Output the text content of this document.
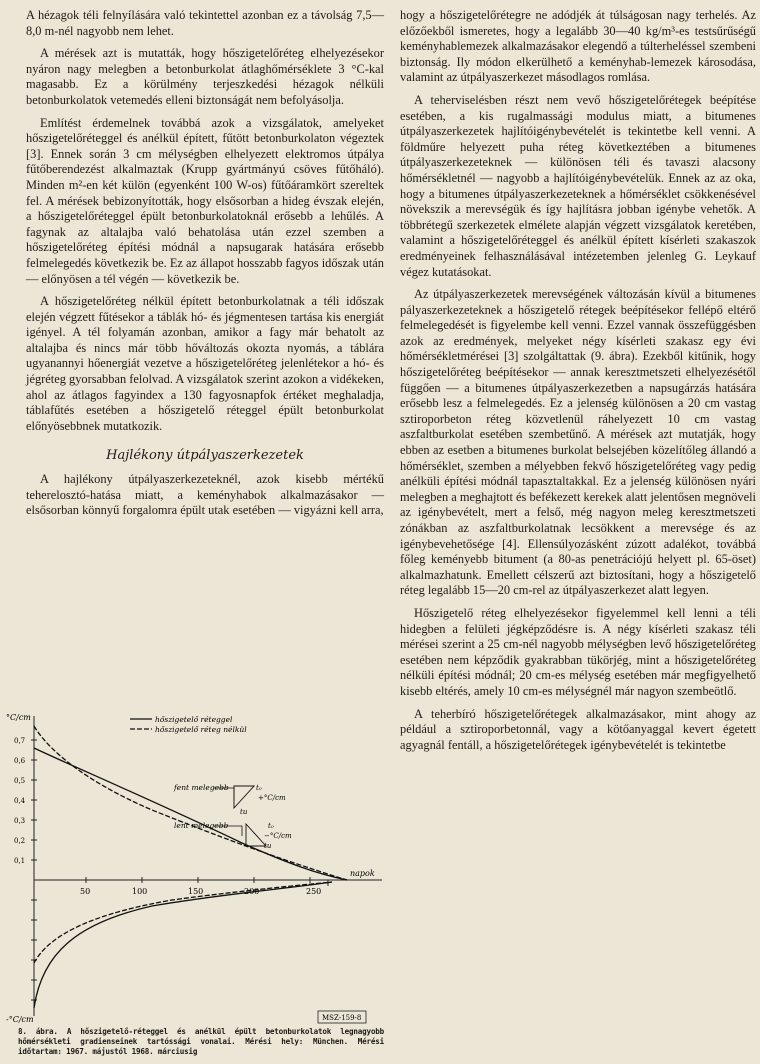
A hézagok téli felnyílására való tekintettel azonban ez a távolság 7,5—8,0 m-nél nagyobb nem lehet.

A mérések azt is mutatták, hogy hőszigetelőréteg elhelyezésekor nyáron nagy melegben a betonburkolat átlaghőmérséklete 3 °C-kal magasabb. Ez a körülmény terjeszkedési hézagok nélküli betonburkolatok vetemedés elleni biztonságát nem befolyásolja.

Említést érdemelnek továbbá azok a vizsgálatok, amelyeket hőszigetelőréteggel és anélkül épített, fűtött betonburkolaton végeztek [3]. Ennek során 3 cm mélységben elhelyezett elektromos útpálya fűtőberendezést alkalmaztak (Krupp gyártmányú csöves fűtőháló). Minden m²-en két külön (egyenként 100 W-os) fűtőáramkört szereltek fel. A mérések bebizonyították, hogy elsősorban a hideg évszak elején, a hőszigetelőréteggel épült betonburkolatoknál erősebb a lehűlés. A fagynak az altalajba való behatolása után ezzel szemben a hőszigetelőréteg építési módnál a napsugarak hatására erősebb felmelegedés következik be. Ez az állapot hosszabb fagyos időszak után — előnyösen a tél végén — következik be.

A hőszigetelőréteg nélkül épített betonburkolatnak a téli időszak elején végzett fűtésekor a táblák hó- és jégmentesen tartása kis energiát igényel. A tél folyamán azonban, amikor a fagy már behatolt az altalajba és nincs már több hőváltozás okozta nyomás, a táblára ugyanannyi hőenergiát vezetve a hőszigetelőréteg jelenlétekor a hó- és jégréteg gyorsabban felolvad. A vizsgálatok szerint azokon a vidékeken, ahol az átlagos fagyindex a 130 fagyosnapfok értéket meghaladja, táblafűtés esetében a hőszigetelő réteggel épült betonburkolat előnyösebbnek mutatkozik.

Hajlékony útpályaszerkezetek

A hajlékony útpályaszerkezeteknél, azok kisebb mértékű teherelosztó-hatása miatt, a keményhabok alkalmazásakor — elsősorban könnyű forgalomra épült utak esetében — vigyázni kell arra,

°C/cm
-°C/cm
0,7
0,6
0,5
0,4
0,3
0,2
0,1
50	100	150	200	250
napok
hőszigetelő réteggel
hőszigetelő réteg nélkül
fent melegebb	t₀
+°C/cm
tu
lent melegebb	t₀
−°C/cm
tu
MSZ-159-8
8. ábra. A hőszigetelő-réteggel és anélkül épült betonburkolatok legnagyobb hőmérsékleti gradienseinek tartóssági vonalai. Mérési hely: München. Mérési időtartam: 1967. májustól 1968. márciusig

hogy a hőszigetelőrétegre ne adódjék át túlságosan nagy terhelés. Az előzőekből ismeretes, hogy a legalább 30—40 kg/m³-es testsűrűségű keményhablemezek alkalmazásakor elegendő a túlterheléssel szembeni biztonság. Ily módon elkerülhető a keményhab-lemezek károsodása, valamint az útpályaszerkezet másodlagos romlása.

A teherviselésben részt nem vevő hőszigetelőrétegek beépítése esetében, a kis rugalmassági modulus miatt, a bitumenes útpályaszerkezetek hajlítóigénybevételét is tekintetbe kell venni. A földműre helyezett puha réteg következtében a bitumenes útpályaszerkezeteknek — különösen téli és tavaszi alacsony hőmérsékletnél — nagyobb a hajlítóigénybevételük. Ennek az az oka, hogy a bitumenes útpályaszerkezeteknek a hőmérséklet csökkenésével növekszik a merevségük és így hajlításra jobban igénybe vehetők. A többrétegű szerkezetek elmélete alapján végzett vizsgálatok keretében, valamint a hőszigetelőréteggel és anélkül épített kísérleti szakaszok eredményeinek felhasználásával intézetemben jelenleg G. Leykauf végez kutatásokat.

Az útpályaszerkezetek merevségének változásán kívül a bitumenes pályaszerkezeteknek a hőszigetelő rétegek beépítésekor fellépő eltérő felmelegedését is figyelembe kell venni. Ezzel vannak összefüggésben azok az eredmények, melyeket négy kísérleti szakasz egy évi hőmérsékletmérései [3] szolgáltattak (9. ábra). Ezekből kitűnik, hogy hőszigetelőréteg beépítésekor — annak keresztmetszeti elhelyezésétől függően — a bitumenes útpályaszerkezetben a napsugárzás hatására erősebb lesz a felmelegedés. Ez a jelenség különösen a 20 cm vastag sztiroporbeton réteg közvetlenül ráhelyezett 10 cm vastag aszfaltburkolat esetében szembetűnő. A mérések azt mutatják, hogy ebben az esetben a bitumenes burkolat belsejében közelítőleg állandó a hőmérséklet, szemben a mélyebben fekvő hőszigetelőréteg vagy pedig anélküli építési módnál tapasztaltakkal. Ez a jelenség különösen nyári melegben a meghajtott és befékezett kerekek alatt jelentősen megnöveli az igénybevételt, mert a felső, még nagyon meleg keresztmetszeti zónákban az aszfaltburkolatnak lecsökkent a merevsége és az igénybevehetősége [4]. Ellensúlyozásként zúzott adalékot, továbbá főleg keményebb bitument (a 80-as penetrációjú helyett pl. 65-öset) alkalmazhatunk. Emellett célszerű azt biztosítani, hogy a hőszigetelő réteg legalább 15—20 cm-rel az útpályaszerkezet alatt legyen.

Hőszigetelő réteg elhelyezésekor figyelemmel kell lenni a téli hidegben a felületi jégképződésre is. A négy kísérleti szakasz téli mérései szerint a 25 cm-nél nagyobb mélységben levő hőszigetelőréteg esetében nem képződik gyakrabban tükörjég, mint a hőszigetelőréteg nélküli építési módnál; 20 cm-es mélység esetében már megfigyelhető kisebb eltérés, amely 10 cm-es mélységnél már nagyon szembeötlő.

A teherbíró hőszigetelőrétegek alkalmazásakor, mint ahogy az például a sztiroporbetonnál, vagy a kötőanyaggal kevert égetett agyagnál fentáll, a hőszigetelőrétegek igénybevételét is tekintetbe
